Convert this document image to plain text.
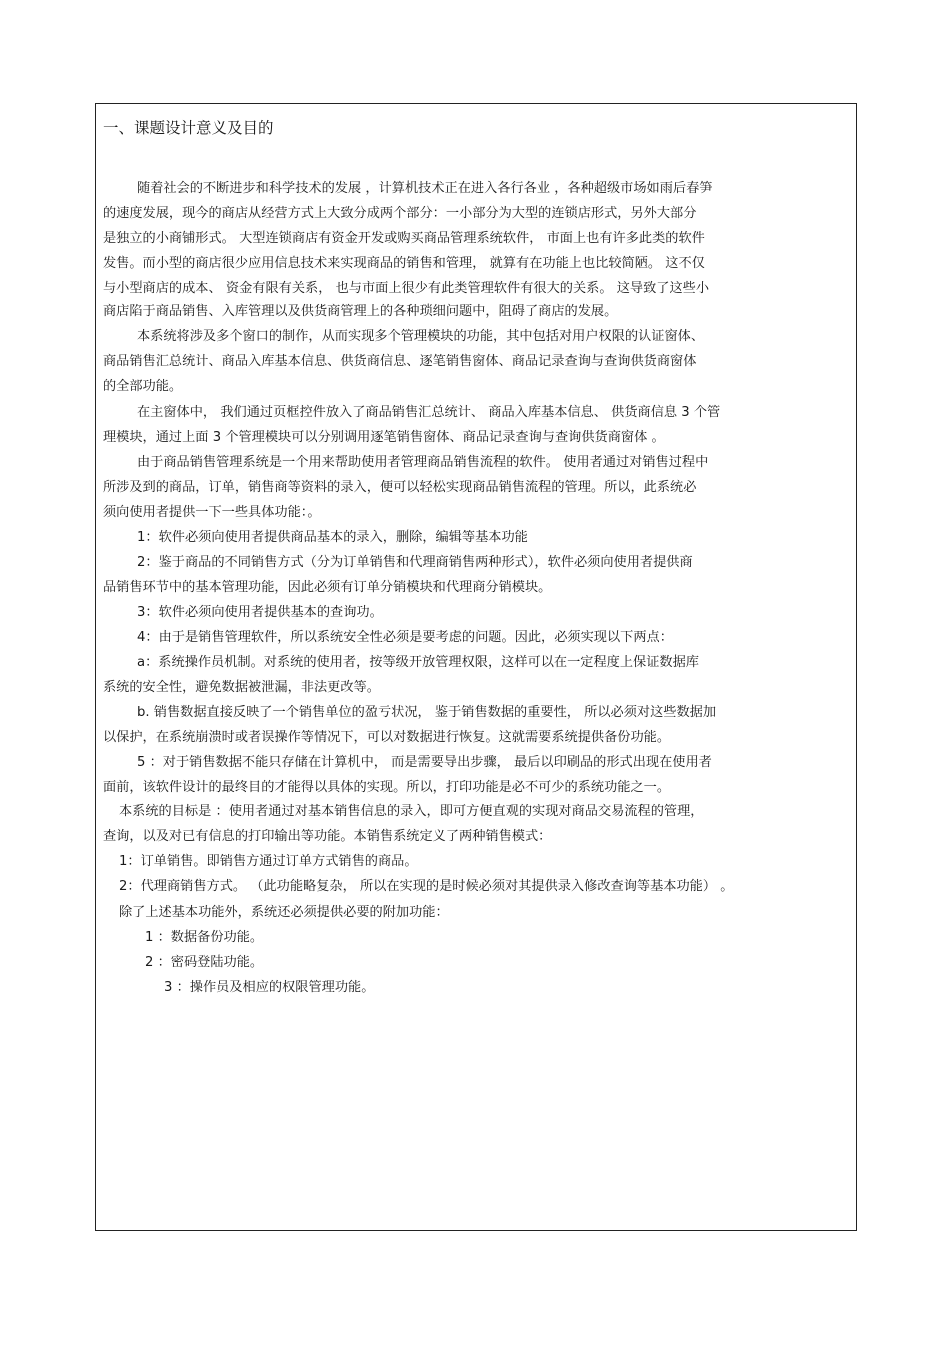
一、课题设计意义及目的
随着社会的不断进步和科学技术的发展 ，计算机技术正在进入各行各业 ，各种超级市场如雨后春笋
的速度发展，现今的商店从经营方式上大致分成两个部分：一小部分为大型的连锁店形式，另外大部分
是独立的小商铺形式。 大型连锁商店有资金开发或购买商品管理系统软件， 市面上也有许多此类的软件
发售。而小型的商店很少应用信息技术来实现商品的销售和管理， 就算有在功能上也比较简陋。 这不仅
与小型商店的成本、 资金有限有关系， 也与市面上很少有此类管理软件有很大的关系。 这导致了这些小
商店陷于商品销售、入库管理以及供货商管理上的各种琐细问题中，阻碍了商店的发展。
本系统将涉及多个窗口的制作，从而实现多个管理模块的功能，其中包括对用户权限的认证窗体、
商品销售汇总统计、商品入库基本信息、供货商信息、逐笔销售窗体、商品记录查询与查询供货商窗体
的全部功能。
在主窗体中， 我们通过页框控件放入了商品销售汇总统计、 商品入库基本信息、 供货商信息 3 个管
理模块，通过上面 3 个管理模块可以分别调用逐笔销售窗体、商品记录查询与查询供货商窗体 。
由于商品销售管理系统是一个用来帮助使用者管理商品销售流程的软件。 使用者通过对销售过程中
所涉及到的商品，订单，销售商等资料的录入，便可以轻松实现商品销售流程的管理。所以，此系统必
须向使用者提供一下一些具体功能：。
1：软件必须向使用者提供商品基本的录入，删除，编辑等基本功能
2：鉴于商品的不同销售方式（分为订单销售和代理商销售两种形式），软件必须向使用者提供商
品销售环节中的基本管理功能，因此必须有订单分销模块和代理商分销模块。
3：软件必须向使用者提供基本的查询功。
4：由于是销售管理软件，所以系统安全性必须是要考虑的问题。因此，必须实现以下两点：
a：系统操作员机制。对系统的使用者，按等级开放管理权限，这样可以在一定程度上保证数据库
系统的安全性，避免数据被泄漏，非法更改等。
b. 销售数据直接反映了一个销售单位的盈亏状况， 鉴于销售数据的重要性， 所以必须对这些数据加
以保护，在系统崩溃时或者误操作等情况下，可以对数据进行恢复。这就需要系统提供备份功能。
5 ：对于销售数据不能只存储在计算机中， 而是需要导出步骤， 最后以印刷品的形式出现在使用者
面前，该软件设计的最终目的才能得以具体的实现。所以，打印功能是必不可少的系统功能之一。
本系统的目标是 ：使用者通过对基本销售信息的录入，即可方便直观的实现对商品交易流程的管理，
查询，以及对已有信息的打印输出等功能。本销售系统定义了两种销售模式：
1：订单销售。即销售方通过订单方式销售的商品。
2：代理商销售方式。 （此功能略复杂， 所以在实现的是时候必须对其提供录入修改查询等基本功能） 。
除了上述基本功能外，系统还必须提供必要的附加功能：
1 ：数据备份功能。
2 ：密码登陆功能。
3 ：操作员及相应的权限管理功能。
